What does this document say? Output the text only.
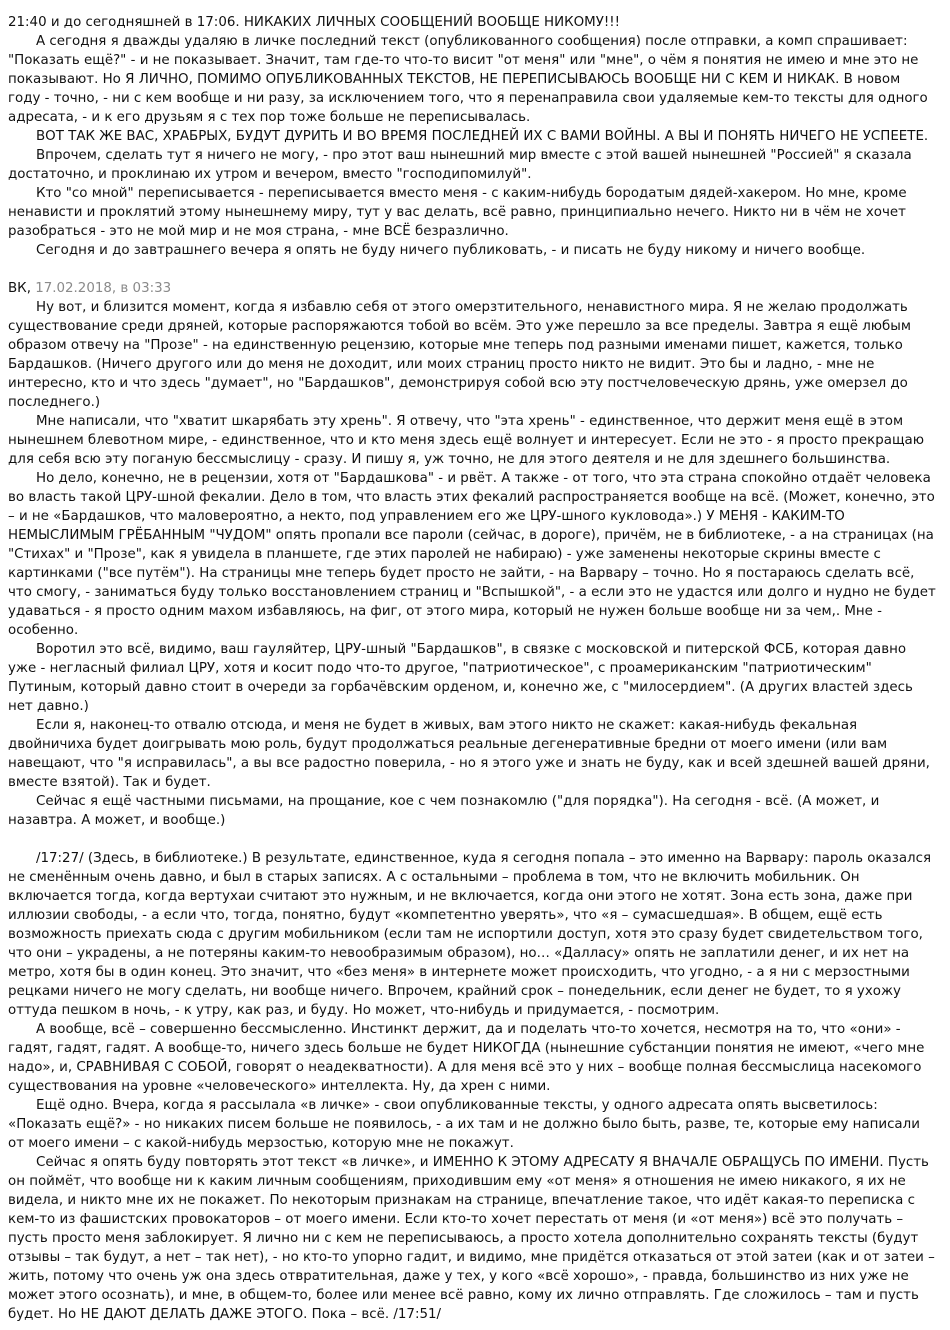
21:40 и до сегодняшней в 17:06. НИКАКИХ ЛИЧНЫХ СООБЩЕНИЙ ВООБЩЕ НИКОМУ!!!

А сегодня я дважды удаляю в личке последний текст (опубликованного сообщения) после отправки, а комп спрашивает: "Показать ещё?" - и не показывает. Значит, там где-то что-то висит "от меня" или "мне", о чём я понятия не имею и мне это не показывают. Но Я ЛИЧНО, ПОМИМО ОПУБЛИКОВАННЫХ ТЕКСТОВ, НЕ ПЕРЕПИСЫВАЮСЬ ВООБЩЕ НИ С КЕМ И НИКАК. В новом году - точно, - ни с кем вообще и ни разу, за исключением того, что я перенаправила свои удаляемые кем-то тексты для одного адресата, - и к его друзьям я с тех пор тоже больше не переписывалась.

ВОТ ТАК ЖЕ ВАС, ХРАБРЫХ, БУДУТ ДУРИТЬ И ВО ВРЕМЯ ПОСЛЕДНЕЙ ИХ С ВАМИ ВОЙНЫ. А ВЫ И ПОНЯТЬ НИЧЕГО НЕ УСПЕЕТЕ.

Впрочем, сделать тут я ничего не могу, - про этот ваш нынешний мир вместе с этой вашей нынешней "Россией" я сказала достаточно, и проклинаю их утром и вечером, вместо "господипомилуй".

Кто "со мной" переписывается - переписывается вместо меня - с каким-нибудь бородатым дядей-хакером. Но мне, кроме ненависти и проклятий этому нынешнему миру, тут у вас делать, всё равно, принципиально нечего. Никто ни в чём не хочет разобраться - это не мой мир и не моя страна, - мне ВСЁ безразлично.

Сегодня и до завтрашнего вечера я опять не буду ничего публиковать, - и писать не буду никому и ничего вообще.

ВК, 17.02.2018, в 03:33

Ну вот, и близится момент, когда я избавлю себя от этого омерзтительного, ненавистного мира. Я не желаю продолжать существование среди дряней, которые распоряжаются тобой во всём. Это уже перешло за все пределы. Завтра я ещё любым образом отвечу на "Прозе" - на единственную рецензию, которые мне теперь под разными именами пишет, кажется, только Бардашков. (Ничего другого или до меня не доходит, или моих страниц просто никто не видит. Это бы и ладно, - мне не интересно, кто и что здесь "думает", но "Бардашков", демонстрируя собой всю эту постчеловеческую дрянь, уже омерзел до последнего.)

Мне написали, что "хватит шкарябать эту хрень". Я отвечу, что "эта хрень" - единственное, что держит меня ещё в этом нынешнем блевотном мире, - единственное, что и кто меня здесь ещё волнует и интересует. Если не это - я просто прекращаю для себя всю эту поганую бессмыслицу - сразу. И пишу я, уж точно, не для этого деятеля и не для здешнего большинства.

Но дело, конечно, не в рецензии, хотя от "Бардашкова" - и рвёт. А также - от того, что эта страна спокойно отдаёт человека во власть такой ЦРУ-шной фекалии. Дело в том, что власть этих фекалий распространяется вообще на всё. (Может, конечно, это – и не «Бардашков, что маловероятно, а некто, под управлением его же ЦРУ-шного кукловода».) У МЕНЯ - КАКИМ-ТО НЕМЫСЛИМЫМ ГРЁБАННЫМ "ЧУДОМ" опять пропали все пароли (сейчас, в дороге), причём, не в библиотеке, - а на страницах (на "Стихах" и "Прозе", как я увидела в планшете, где этих паролей не набираю) - уже заменены некоторые скрины вместе с картинками ("все путём"). На страницы мне теперь будет просто не зайти, - на Варвару – точно. Но я постараюсь сделать всё, что смогу, - заниматься буду только восстановлением страниц и "Вспышкой", - а если это не удастся или долго и нудно не будет удаваться - я просто одним махом избавляюсь, на фиг, от этого мира, который не нужен больше вообще ни за чем,. Мне - особенно.

Воротил это всё, видимо, ваш гауляйтер, ЦРУ-шный "Бардашков", в связке с московской и питерской ФСБ, которая давно уже - негласный филиал ЦРУ, хотя и косит подо что-то другое, "патриотическое", с проамериканским "патриотическим" Путиным, который давно стоит в очереди за горбачёвским орденом, и, конечно же, с "милосердием". (А других властей здесь нет давно.)

Если я, наконец-то отвалю отсюда, и меня не будет в живых, вам этого никто не скажет: какая-нибудь фекальная двойничиха будет доигрывать мою роль, будут продолжаться реальные дегенеративные бредни от моего имени (или вам навещают, что "я исправилась", а вы все радостно поверила, - но я этого уже и знать не буду, как и всей здешней вашей дряни, вместе взятой). Так и будет.

Сейчас я ещё частными письмами, на прощание, кое с чем познакомлю ("для порядка"). На сегодня - всё. (А может, и назавтра. А может, и вообще.)

/17:27/ (Здесь, в библиотеке.) В результате, единственное, куда я сегодня попала – это именно на Варвару: пароль оказался не сменённым очень давно, и был в старых записях. А с остальными – проблема в том, что не включить мобильник. Он включается тогда, когда вертухаи считают это нужным, и не включается, когда они этого не хотят. Зона есть зона, даже при иллюзии свободы, - а если что, тогда, понятно, будут «компетентно уверять», что «я – сумасшедшая». В общем, ещё есть возможность приехать сюда с другим мобильником (если там не испортили доступ, хотя это сразу будет свидетельством того, что они – украдены, а не потеряны каким-то невообразимым образом), но… «Далласу» опять не заплатили денег, и их нет на метро, хотя бы в один конец. Это значит, что «без меня» в интернете может происходить, что угодно, - а я ни с мерзостными рецками ничего не могу сделать, ни вообще ничего. Впрочем, крайний срок – понедельник, если денег не будет, то я ухожу оттуда пешком в ночь, - к утру, как раз, и буду. Но может, что-нибудь и придумается, - посмотрим.

А вообще, всё – совершенно бессмысленно. Инстинкт держит, да и поделать что-то хочется, несмотря на то, что «они» - гадят, гадят, гадят. А вообще-то, ничего здесь больше не будет НИКОГДА (нынешние субстанции понятия не имеют, «чего мне надо», и, СРАВНИВАЯ С СОБОЙ, говорят о неадекватности). А для меня всё это у них – вообще полная бессмыслица насекомого существования на уровне «человеческого» интеллекта. Ну, да хрен с ними.

Ещё одно. Вчера, когда я рассылала «в личке» - свои опубликованные тексты, у одного адресата опять высветилось: «Показать ещё?» - но никаких писем больше не появилось, - а их там и не должно было быть, разве, те, которые ему написали от моего имени – с какой-нибудь мерзостью, которую мне не покажут.

Сейчас я опять буду повторять этот текст «в личке», и ИМЕННО К ЭТОМУ АДРЕСАТУ Я ВНАЧАЛЕ ОБРАЩУСЬ ПО ИМЕНИ. Пусть он поймёт, что вообще ни к каким личным сообщениям, приходившим ему «от меня» я отношения не имею никакого, я их не видела, и никто мне их не покажет. По некоторым признакам на странице, впечатление такое, что идёт какая-то переписка с кем-то из фашистских провокаторов – от моего имени. Если кто-то хочет перестать от меня (и «от меня») всё это получать – пусть просто меня заблокирует. Я лично ни с кем не переписываюсь, а просто хотела дополнительно сохранять тексты (будут отзывы – так будут, а нет – так нет), - но кто-то упорно гадит, и видимо, мне придётся отказаться от этой затеи (как и от затеи – жить, потому что очень уж она здесь отвратительная, даже у тех, у кого «всё хорошо», - правда, большинство из них уже не может этого осознать), и мне, в общем-то, более или менее всё равно, кому их лично отправлять. Где сложилось – там и пусть будет. Но НЕ ДАЮТ ДЕЛАТЬ ДАЖЕ ЭТОГО. Пока – всё. /17:51/
